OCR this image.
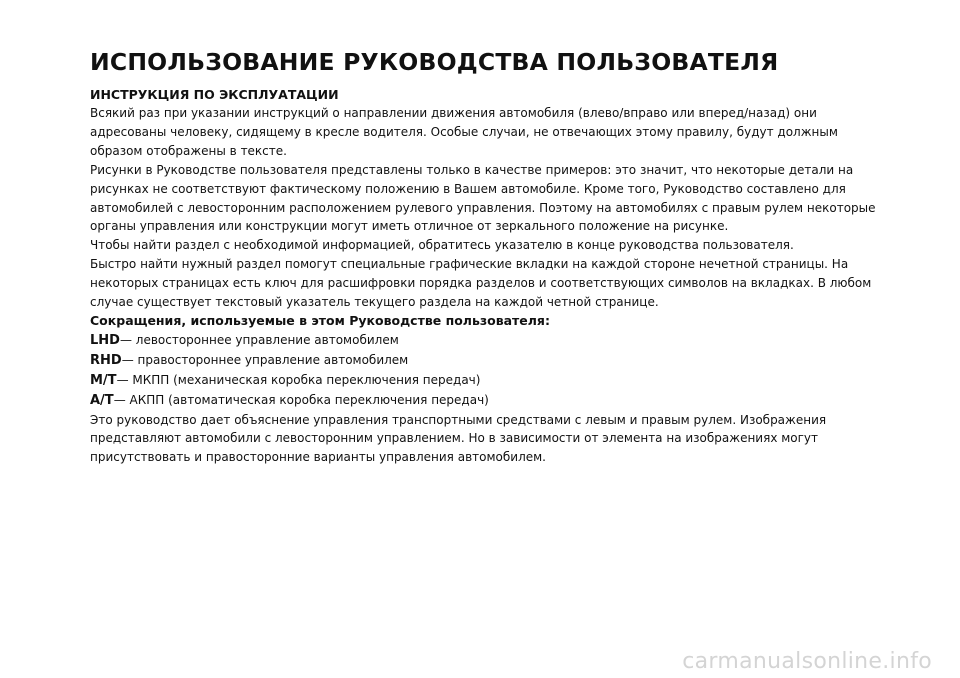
ИСПОЛЬЗОВАНИЕ РУКОВОДСТВА ПОЛЬЗОВАТЕЛЯ
ИНСТРУКЦИЯ ПО ЭКСПЛУАТАЦИИ

Всякий раз при указании инструкций о направлении движения автомобиля (влево/вправо или вперед/назад) они адресованы человеку, сидящему в кресле водителя. Особые случаи, не отвечающих этому правилу, будут должным образом отображены в тексте.

Рисунки в Руководстве пользователя представлены только в качестве примеров: это значит, что некоторые детали на рисунках не соответствуют фактическому положению в Вашем автомобиле. Кроме того, Руководство составлено для автомобилей с левосторонним расположением рулевого управления. Поэтому на автомобилях с правым рулем некоторые органы управления или конструкции могут иметь отличное от зеркального положение на рисунке.

Чтобы найти раздел с необходимой информацией, обратитесь указателю в конце руководства пользователя.

Быстро найти нужный раздел помогут специальные графические вкладки на каждой стороне нечетной страницы. На некоторых страницах есть ключ для расшифровки порядка разделов и соответствующих символов на вкладках. В любом случае существует текстовый указатель текущего раздела на каждой четной странице.

Сокращения, используемые в этом Руководстве пользователя:

LHD— левостороннее управление автомобилем

RHD— правостороннее управление автомобилем

M/T— МКПП (механическая коробка переключения передач)

A/T— АКПП (автоматическая коробка переключения передач)

Это руководство дает объяснение управления транспортными средствами с левым и правым рулем. Изображения представляют автомобили с левосторонним управлением. Но в зависимости от элемента на изображениях могут присутствовать и правосторонние варианты управления автомобилем.

carmanualsonline.info
